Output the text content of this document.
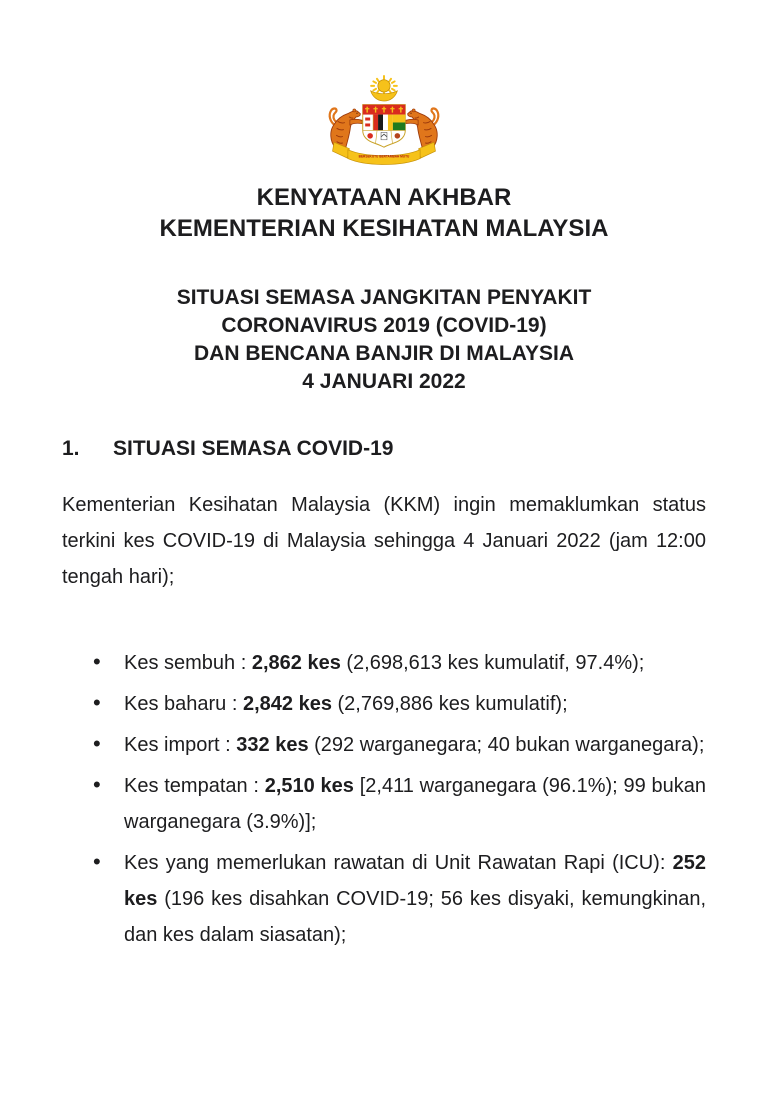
BERSEKUTU BERTAMBAH MUTU
KENYATAAN AKHBAR
KEMENTERIAN KESIHATAN MALAYSIA
SITUASI SEMASA JANGKITAN PENYAKIT
CORONAVIRUS 2019 (COVID-19)
DAN BENCANA BANJIR DI MALAYSIA
4 JANUARI 2022
1.	SITUASI SEMASA COVID-19

Kementerian Kesihatan Malaysia (KKM) ingin memaklumkan status terkini kes COVID-19 di Malaysia sehingga 4 Januari 2022 (jam 12:00 tengah hari);

• Kes sembuh : 2,862 kes (2,698,613 kes kumulatif, 97.4%);
• Kes baharu : 2,842 kes (2,769,886 kes kumulatif);
• Kes import : 332 kes (292 warganegara; 40 bukan warganegara);
• Kes tempatan : 2,510 kes [2,411 warganegara (96.1%); 99 bukan warganegara (3.9%)];
• Kes yang memerlukan rawatan di Unit Rawatan Rapi (ICU): 252 kes (196 kes disahkan COVID-19; 56 kes disyaki, kemungkinan, dan kes dalam siasatan);
